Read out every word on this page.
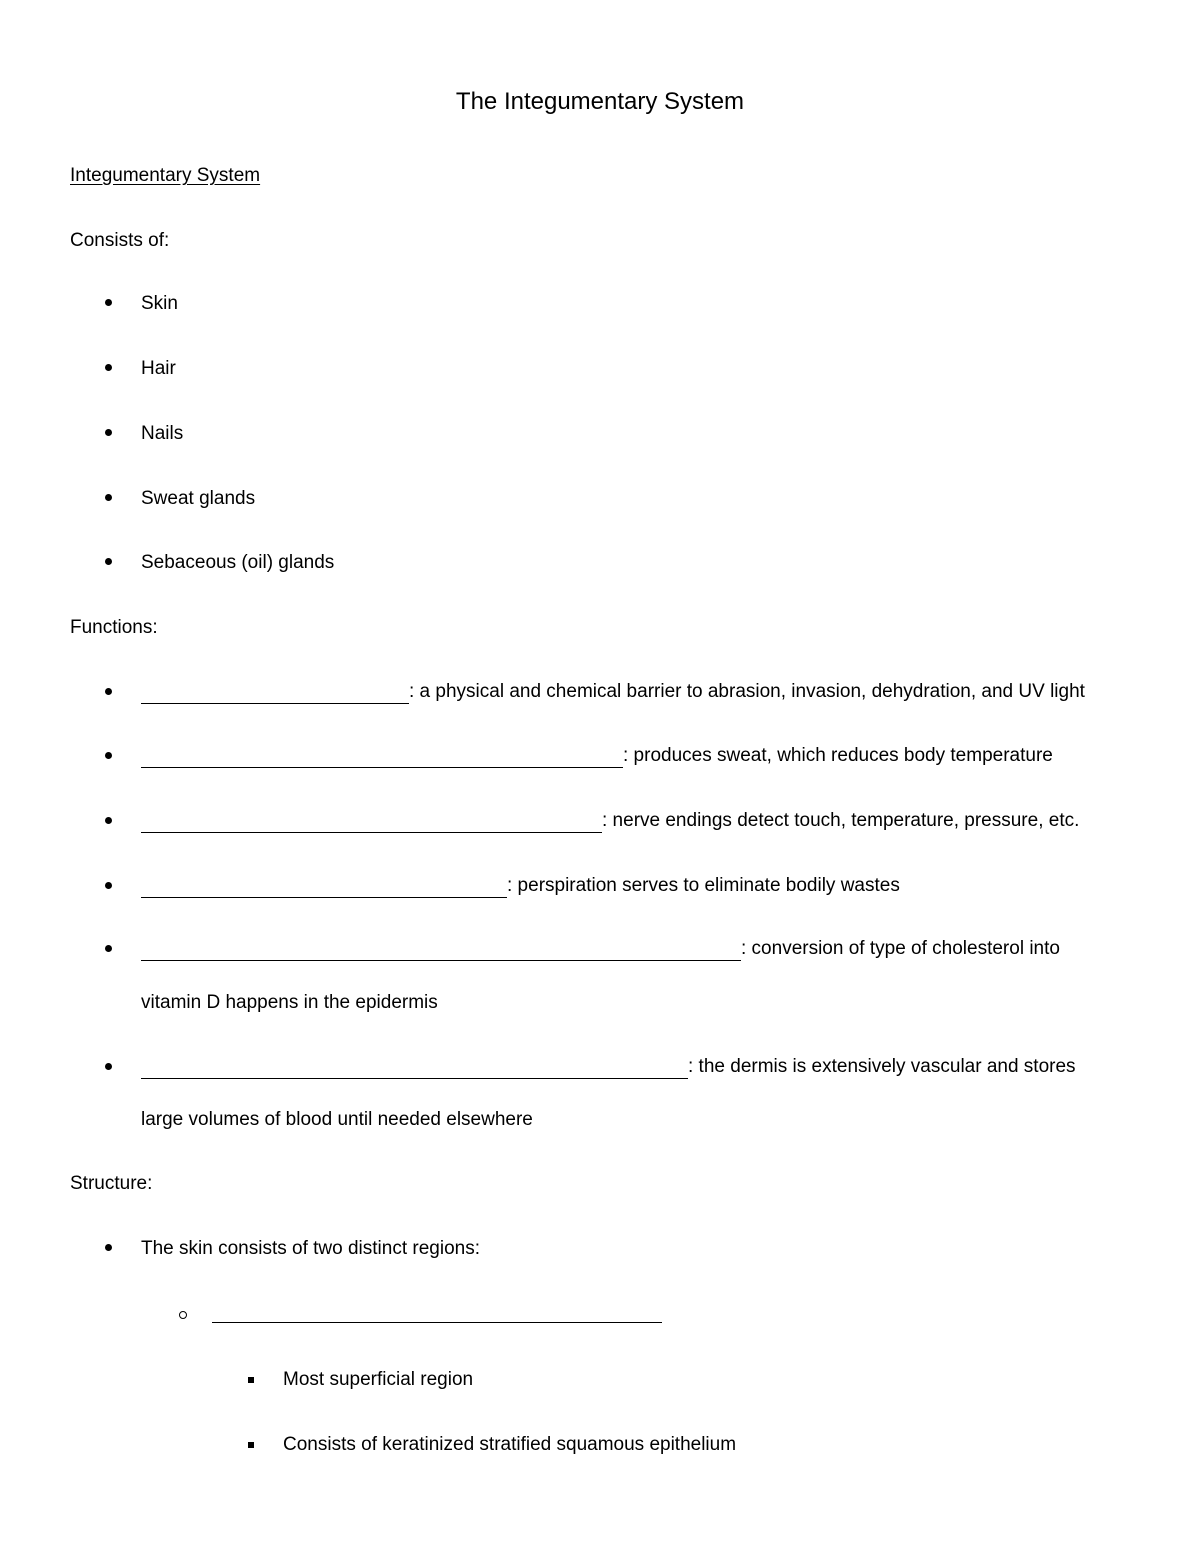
The Integumentary System
Integumentary System
Consists of:
Skin
Hair
Nails
Sweat glands
Sebaceous (oil) glands
Functions:
: a physical and chemical barrier to abrasion, invasion, dehydration, and UV light
: produces sweat, which reduces body temperature
: nerve endings detect touch, temperature, pressure, etc.
: perspiration serves to eliminate bodily wastes
: conversion of type of cholesterol into
vitamin D happens in the epidermis
: the dermis is extensively vascular and stores
large volumes of blood until needed elsewhere
Structure:
The skin consists of two distinct regions:
Most superficial region
Consists of keratinized stratified squamous epithelium
